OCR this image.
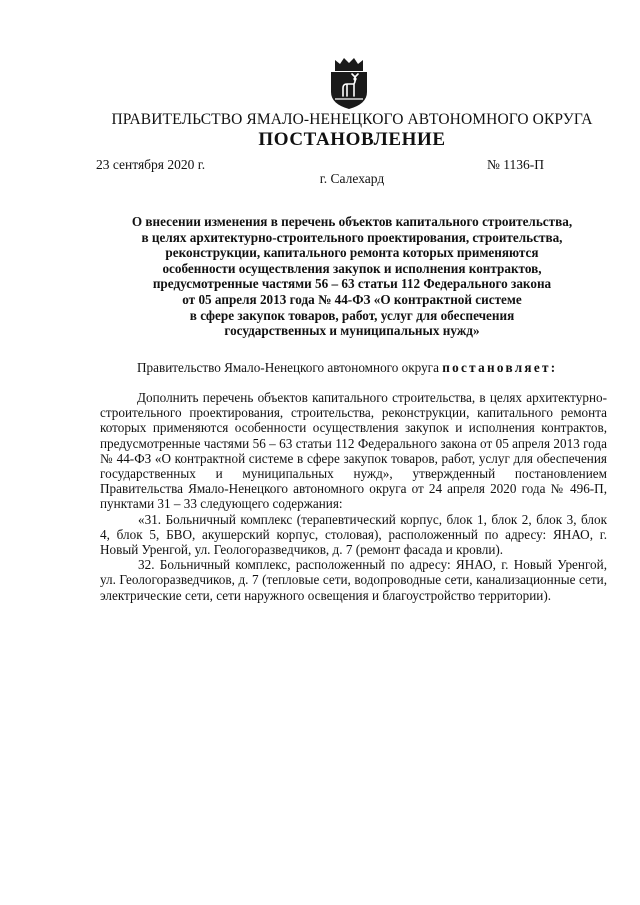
ПРАВИТЕЛЬСТВО ЯМАЛО-НЕНЕЦКОГО АВТОНОМНОГО ОКРУГА
ПОСТАНОВЛЕНИЕ
23 сентября 2020 г.	№ 1136-П
г. Салехард
О внесении изменения в перечень объектов капитального строительства,
в целях архитектурно-строительного проектирования, строительства,
реконструкции, капитального ремонта которых применяются
особенности осуществления закупок и исполнения контрактов,
предусмотренные частями 56 – 63 статьи 112 Федерального закона
от 05 апреля 2013 года № 44-ФЗ «О контрактной системе
в сфере закупок товаров, работ, услуг для обеспечения
государственных и муниципальных нужд»
Правительство Ямало-Ненецкого автономного округа постановляет:

Дополнить перечень объектов капитального строительства, в целях архитектурно-строительного проектирования, строительства, реконструкции, капитального ремонта которых применяются особенности осуществления закупок и исполнения контрактов, предусмотренные частями 56 – 63 статьи 112 Федерального закона от 05 апреля 2013 года № 44-ФЗ «О контрактной системе в сфере закупок товаров, работ, услуг для обеспечения государственных и муниципальных нужд», утвержденный постановлением Правительства Ямало-Ненецкого автономного округа от 24 апреля 2020 года № 496-П, пунктами 31 – 33 следующего содержания:

«31. Больничный комплекс (терапевтический корпус, блок 1, блок 2, блок 3, блок 4, блок 5, БВО, акушерский корпус, столовая), расположенный по адресу: ЯНАО, г. Новый Уренгой, ул. Геологоразведчиков, д. 7 (ремонт фасада и кровли).

32. Больничный комплекс, расположенный по адресу: ЯНАО, г. Новый Уренгой, ул. Геологоразведчиков, д. 7 (тепловые сети, водопроводные сети, канализационные сети, электрические сети, сети наружного освещения и благоустройство территории).
